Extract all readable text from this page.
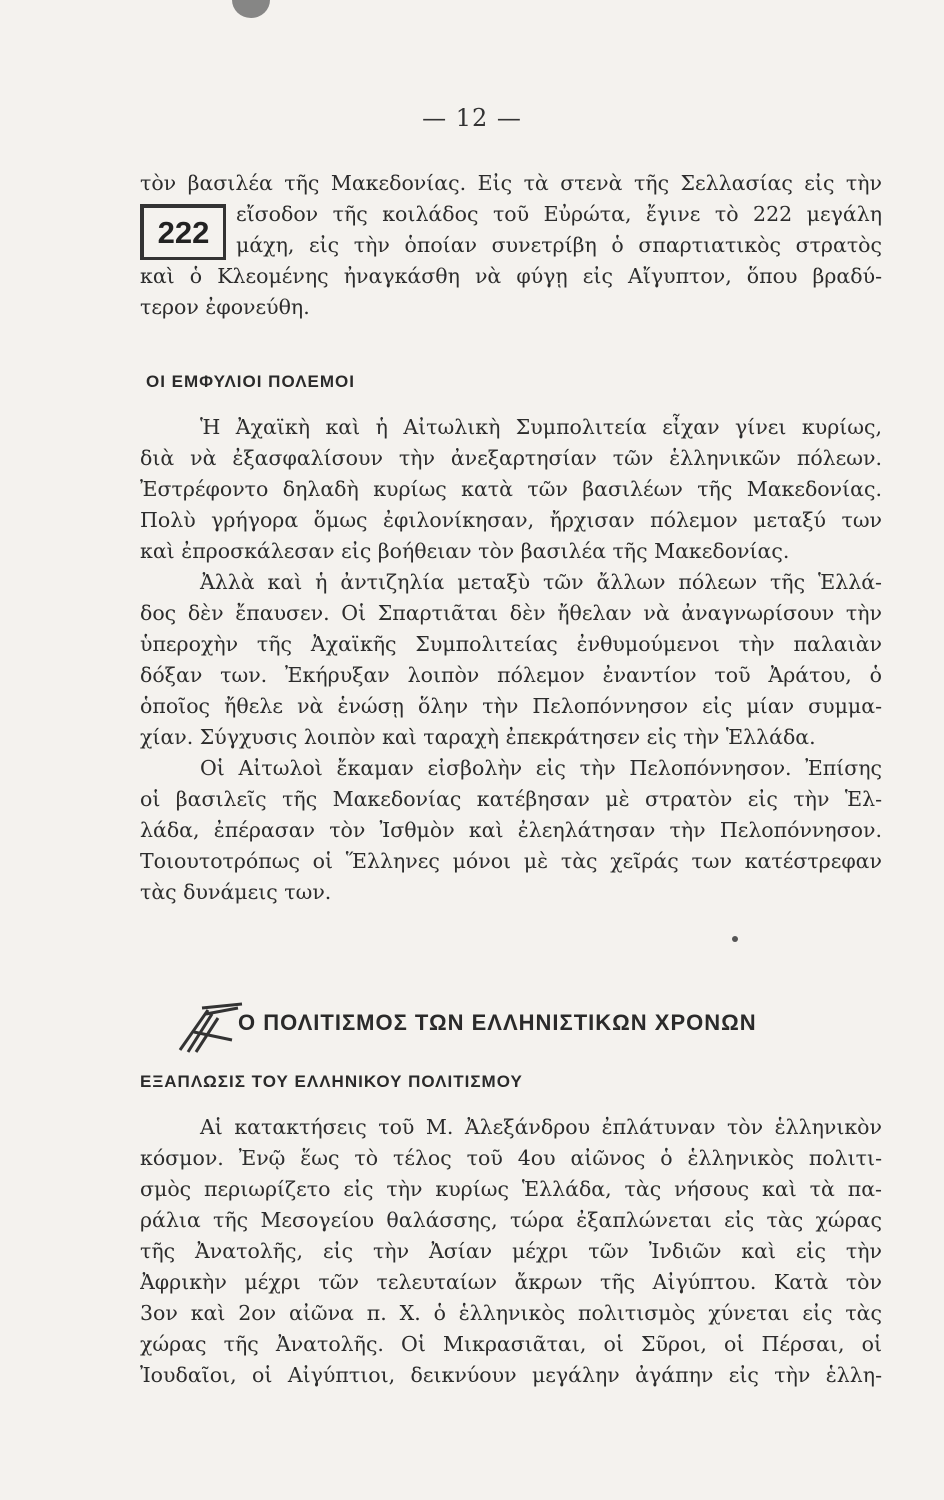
— 12 —
τὸν βασιλέα τῆς Μακεδονίας. Εἰς τὰ στενὰ τῆς Σελλασίας εἰς τὴν
222
εἴσοδον τῆς κοιλάδος τοῦ Εὐρώτα, ἔγινε τὸ 222 μεγάλη
μάχη, εἰς τὴν ὁποίαν συνετρίβη ὁ σπαρτιατικὸς στρατὸς
καὶ ὁ Κλεομένης ἠναγκάσθη νὰ φύγῃ εἰς Αἴγυπτον, ὅπου βραδύ-
τερον ἐφονεύθη.
ΟΙ ΕΜΦΥΛΙΟΙ ΠΟΛΕΜΟΙ
Ἡ Ἀχαϊκὴ καὶ ἡ Αἰτωλικὴ Συμπολιτεία εἶχαν γίνει κυρίως,
διὰ νὰ ἐξασφαλίσουν τὴν ἀνεξαρτησίαν τῶν ἑλληνικῶν πόλεων.
Ἐστρέφοντο δηλαδὴ κυρίως κατὰ τῶν βασιλέων τῆς Μακεδονίας.
Πολὺ γρήγορα ὅμως ἐφιλονίκησαν, ἤρχισαν πόλεμον μεταξύ των
καὶ ἐπροσκάλεσαν εἰς βοήθειαν τὸν βασιλέα τῆς Μακεδονίας.
Ἀλλὰ καὶ ἡ ἀντιζηλία μεταξὺ τῶν ἄλλων πόλεων τῆς Ἑλλά-
δος δὲν ἔπαυσεν. Οἱ Σπαρτιᾶται δὲν ἤθελαν νὰ ἀναγνωρίσουν τὴν
ὑπεροχὴν τῆς Ἀχαϊκῆς Συμπολιτείας ἐνθυμούμενοι τὴν παλαιὰν
δόξαν των. Ἐκήρυξαν λοιπὸν πόλεμον ἐναντίον τοῦ Ἀράτου, ὁ
ὁποῖος ἤθελε νὰ ἑνώσῃ ὅλην τὴν Πελοπόννησον εἰς μίαν συμμα-
χίαν. Σύγχυσις λοιπὸν καὶ ταραχὴ ἐπεκράτησεν εἰς τὴν Ἑλλάδα.
Οἱ Αἰτωλοὶ ἔκαμαν εἰσβολὴν εἰς τὴν Πελοπόννησον. Ἐπίσης
οἱ βασιλεῖς τῆς Μακεδονίας κατέβησαν μὲ στρατὸν εἰς τὴν Ἑλ-
λάδα, ἐπέρασαν τὸν Ἰσθμὸν καὶ ἐλεηλάτησαν τὴν Πελοπόννησον.
Τοιουτοτρόπως οἱ Ἕλληνες μόνοι μὲ τὰς χεῖράς των κατέστρεφαν
τὰς δυνάμεις των.
Ο ΠΟΛΙΤΙΣΜΟΣ ΤΩΝ ΕΛΛΗΝΙΣΤΙΚΩΝ ΧΡΟΝΩΝ
ΕΞΑΠΛΩΣΙΣ ΤΟΥ ΕΛΛΗΝΙΚΟΥ ΠΟΛΙΤΙΣΜΟΥ
Αἱ κατακτήσεις τοῦ Μ. Ἀλεξάνδρου ἐπλάτυναν τὸν ἑλληνικὸν
κόσμον. Ἐνῷ ἕως τὸ τέλος τοῦ 4ου αἰῶνος ὁ ἑλληνικὸς πολιτι-
σμὸς περιωρίζετο εἰς τὴν κυρίως Ἑλλάδα, τὰς νήσους καὶ τὰ πα-
ράλια τῆς Μεσογείου θαλάσσης, τώρα ἐξαπλώνεται εἰς τὰς χώρας
τῆς Ἀνατολῆς, εἰς τὴν Ἀσίαν μέχρι τῶν Ἰνδιῶν καὶ εἰς τὴν
Ἀφρικὴν μέχρι τῶν τελευταίων ἄκρων τῆς Αἰγύπτου. Κατὰ τὸν
3ον καὶ 2ον αἰῶνα π. Χ. ὁ ἑλληνικὸς πολιτισμὸς χύνεται εἰς τὰς
χώρας τῆς Ἀνατολῆς. Οἱ Μικρασιᾶται, οἱ Σῦροι, οἱ Πέρσαι, οἱ
Ἰουδαῖοι, οἱ Αἰγύπτιοι, δεικνύουν μεγάλην ἀγάπην εἰς τὴν ἑλλη-
